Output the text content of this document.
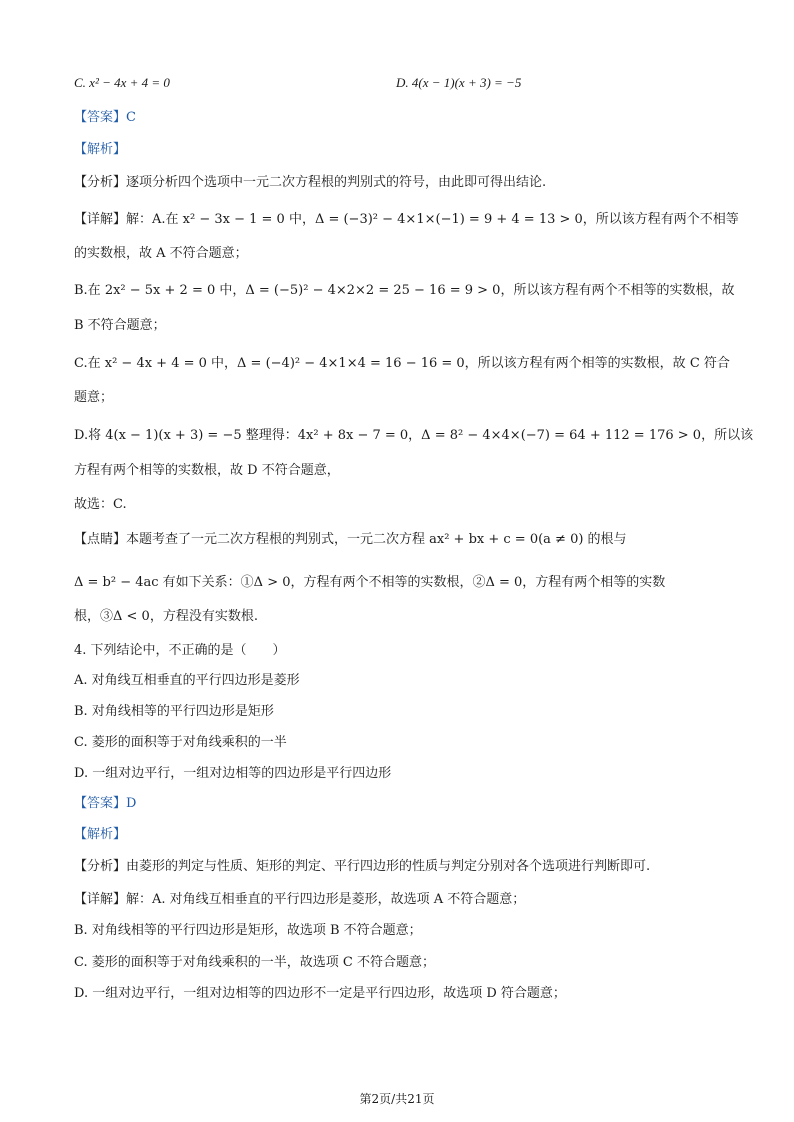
C. x² − 4x + 4 = 0	D. 4(x − 1)(x + 3) = −5
【答案】C
【解析】
【分析】逐项分析四个选项中一元二次方程根的判别式的符号，由此即可得出结论.
【详解】解：A.在 x² − 3x − 1 = 0 中，Δ = (−3)² − 4×1×(−1) = 9 + 4 = 13 > 0，所以该方程有两个不相等
的实数根，故 A 不符合题意；
B.在 2x² − 5x + 2 = 0 中，Δ = (−5)² − 4×2×2 = 25 − 16 = 9 > 0，所以该方程有两个不相等的实数根，故
B 不符合题意；
C.在 x² − 4x + 4 = 0 中，Δ = (−4)² − 4×1×4 = 16 − 16 = 0，所以该方程有两个相等的实数根，故 C 符合
题意；
D.将 4(x − 1)(x + 3) = −5 整理得：4x² + 8x − 7 = 0，Δ = 8² − 4×4×(−7) = 64 + 112 = 176 > 0，所以该
方程有两个相等的实数根，故 D 不符合题意，
故选：C.
【点睛】本题考查了一元二次方程根的判别式，一元二次方程 ax² + bx + c = 0(a ≠ 0) 的根与
Δ = b² − 4ac 有如下关系：①Δ > 0，方程有两个不相等的实数根，②Δ = 0，方程有两个相等的实数
根，③Δ < 0，方程没有实数根.
4. 下列结论中，不正确的是（　　）
A. 对角线互相垂直的平行四边形是菱形
B. 对角线相等的平行四边形是矩形
C. 菱形的面积等于对角线乘积的一半
D. 一组对边平行，一组对边相等的四边形是平行四边形
【答案】D
【解析】
【分析】由菱形的判定与性质、矩形的判定、平行四边形的性质与判定分别对各个选项进行判断即可.
【详解】解：A. 对角线互相垂直的平行四边形是菱形，故选项 A 不符合题意；
B. 对角线相等的平行四边形是矩形，故选项 B 不符合题意；
C. 菱形的面积等于对角线乘积的一半，故选项 C 不符合题意；
D. 一组对边平行，一组对边相等的四边形不一定是平行四边形，故选项 D 符合题意；
第2页/共21页
